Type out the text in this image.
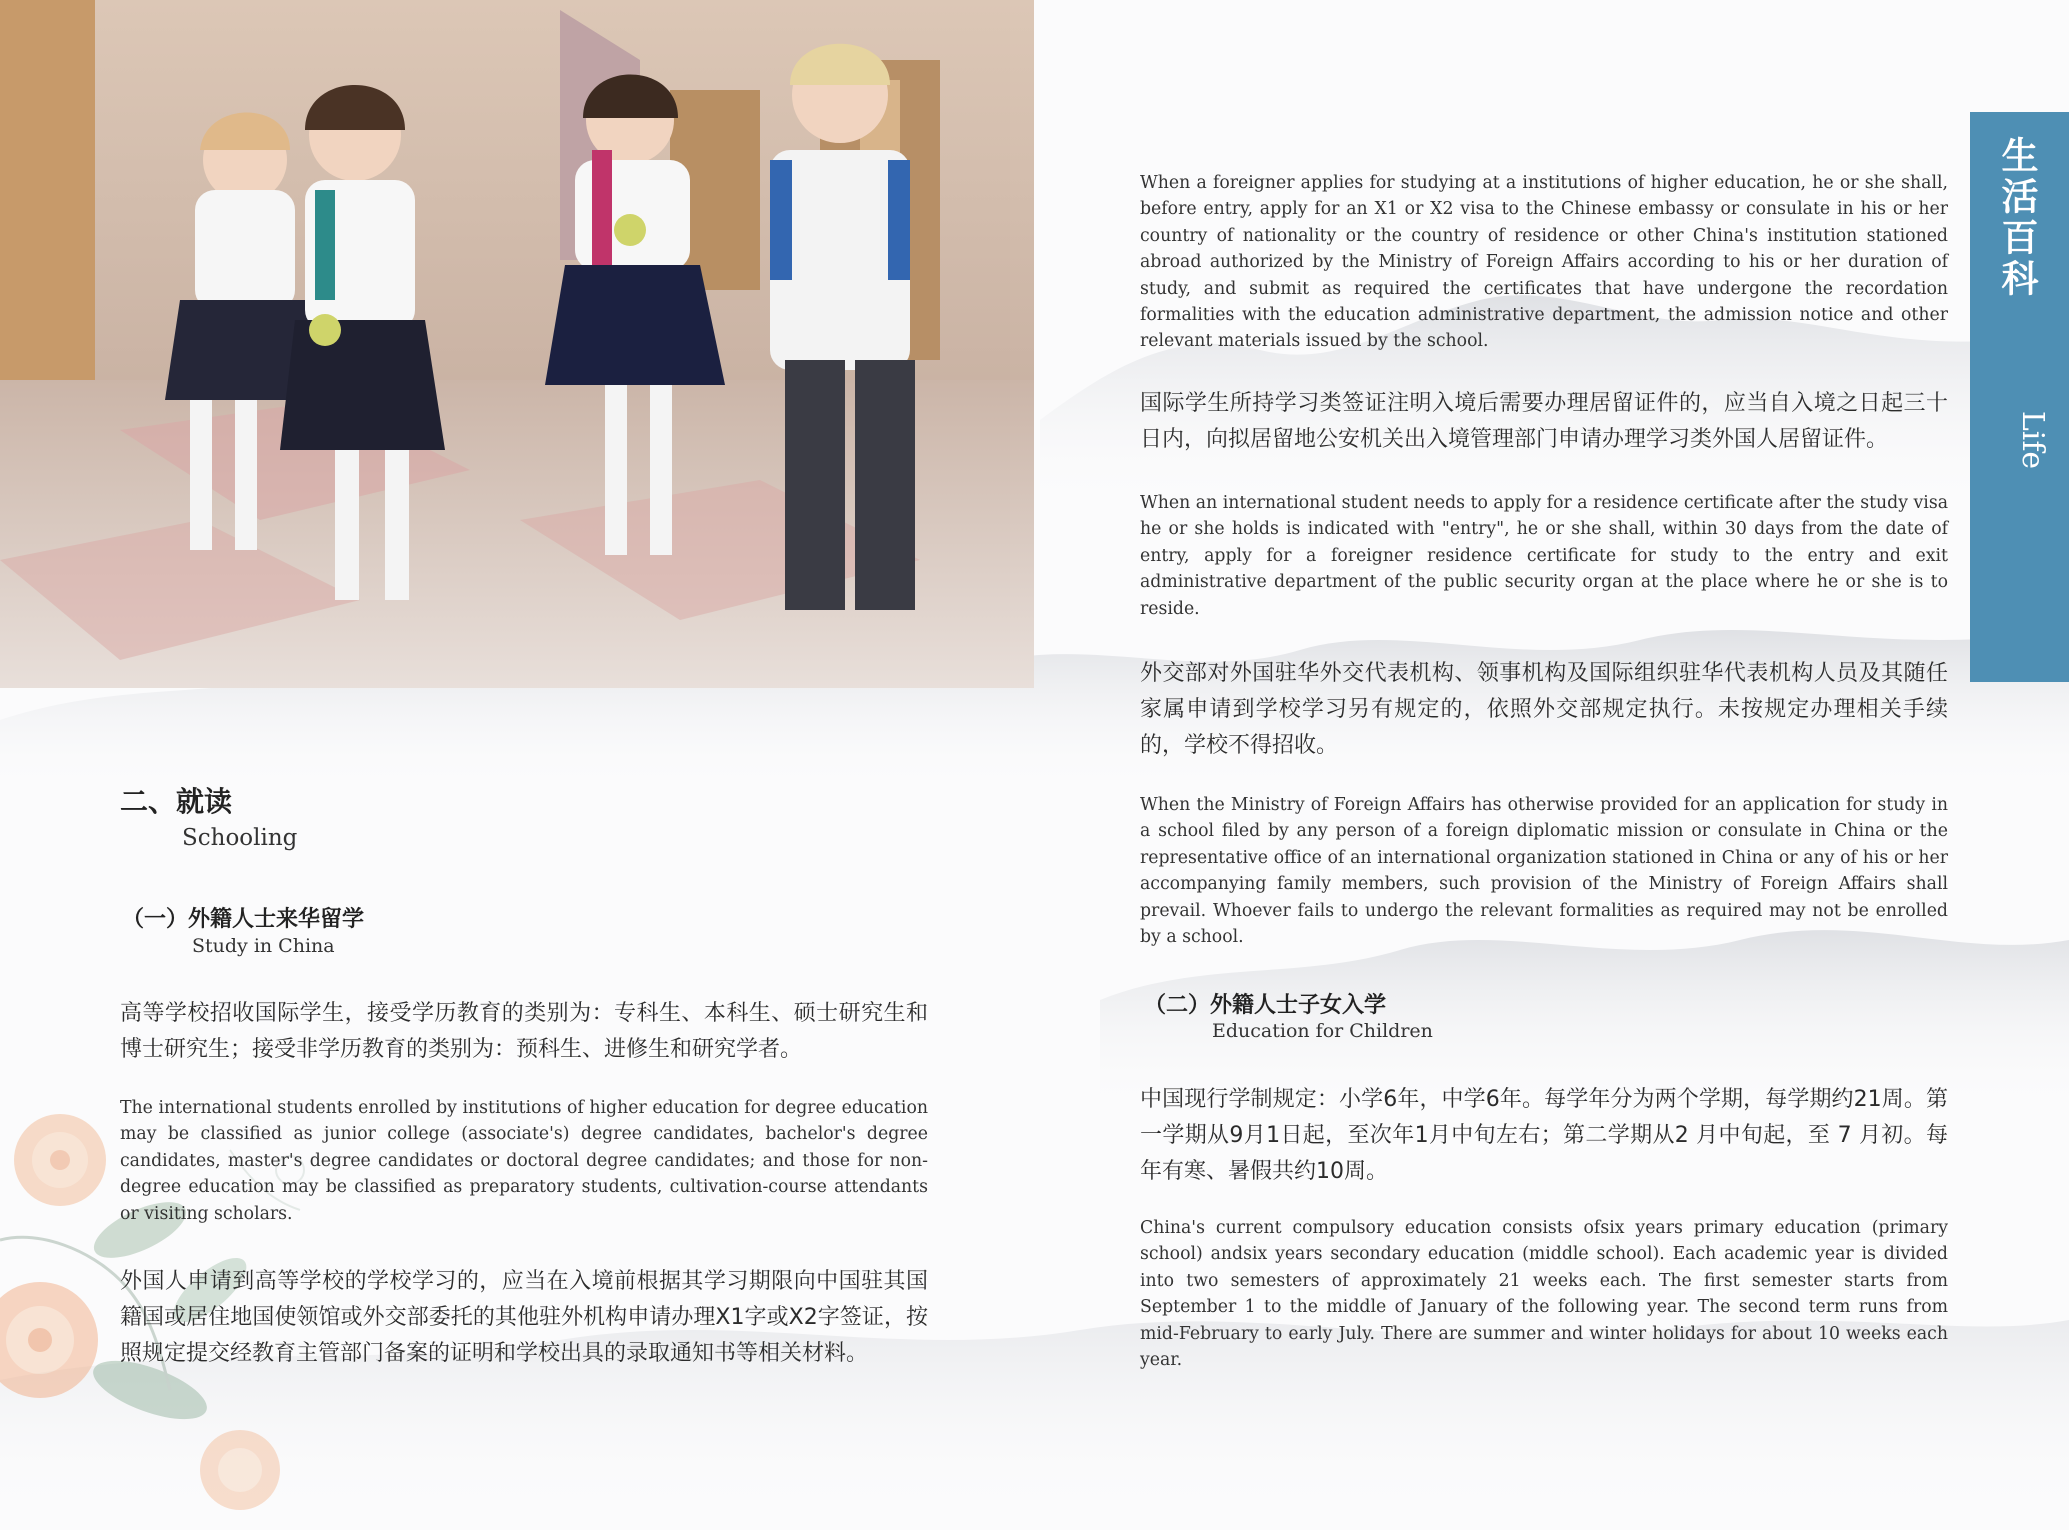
生活百科
Life

二、就读

Schooling

（一）外籍人士来华留学

Study in China

高等学校招收国际学生，接受学历教育的类别为：专科生、本科生、硕士研究生和博士研究生；接受非学历教育的类别为：预科生、进修生和研究学者。

The international students enrolled by institutions of higher education for degree education may be classified as junior college (associate's) degree candidates, bachelor's degree candidates, master's degree candidates or doctoral degree candidates; and those for non-degree education may be classified as preparatory students, cultivation-course attendants or visiting scholars.

外国人申请到高等学校的学校学习的，应当在入境前根据其学习期限向中国驻其国籍国或居住地国使领馆或外交部委托的其他驻外机构申请办理X1字或X2字签证，按照规定提交经教育主管部门备案的证明和学校出具的录取通知书等相关材料。

When a foreigner applies for studying at a institutions of higher education, he or she shall, before entry, apply for an X1 or X2 visa to the Chinese embassy or consulate in his or her country of nationality or the country of residence or other China's institution stationed abroad authorized by the Ministry of Foreign Affairs according to his or her duration of study, and submit as required the certificates that have undergone the recordation formalities with the education administrative department, the admission notice and other relevant materials issued by the school.

国际学生所持学习类签证注明入境后需要办理居留证件的，应当自入境之日起三十日内，向拟居留地公安机关出入境管理部门申请办理学习类外国人居留证件。

When an international student needs to apply for a residence certificate after the study visa he or she holds is indicated with "entry", he or she shall, within 30 days from the date of entry, apply for a foreigner residence certificate for study to the entry and exit administrative department of the public security organ at the place where he or she is to reside.

外交部对外国驻华外交代表机构、领事机构及国际组织驻华代表机构人员及其随任家属申请到学校学习另有规定的，依照外交部规定执行。未按规定办理相关手续的，学校不得招收。

When the Ministry of Foreign Affairs has otherwise provided for an application for study in a school filed by any person of a foreign diplomatic mission or consulate in China or the representative office of an international organization stationed in China or any of his or her accompanying family members, such provision of the Ministry of Foreign Affairs shall prevail. Whoever fails to undergo the relevant formalities as required may not be enrolled by a school.

（二）外籍人士子女入学

Education for Children

中国现行学制规定：小学6年，中学6年。每学年分为两个学期，每学期约21周。第一学期从9月1日起，至次年1月中旬左右；第二学期从2 月中旬起，至 7 月初。每年有寒、暑假共约10周。

China's current compulsory education consists ofsix years primary education (primary school) andsix years secondary education (middle school). Each academic year is divided into two semesters of approximately 21 weeks each. The first semester starts from September 1 to the middle of January of the following year. The second term runs from mid-February to early July. There are summer and winter holidays for about 10 weeks each year.
